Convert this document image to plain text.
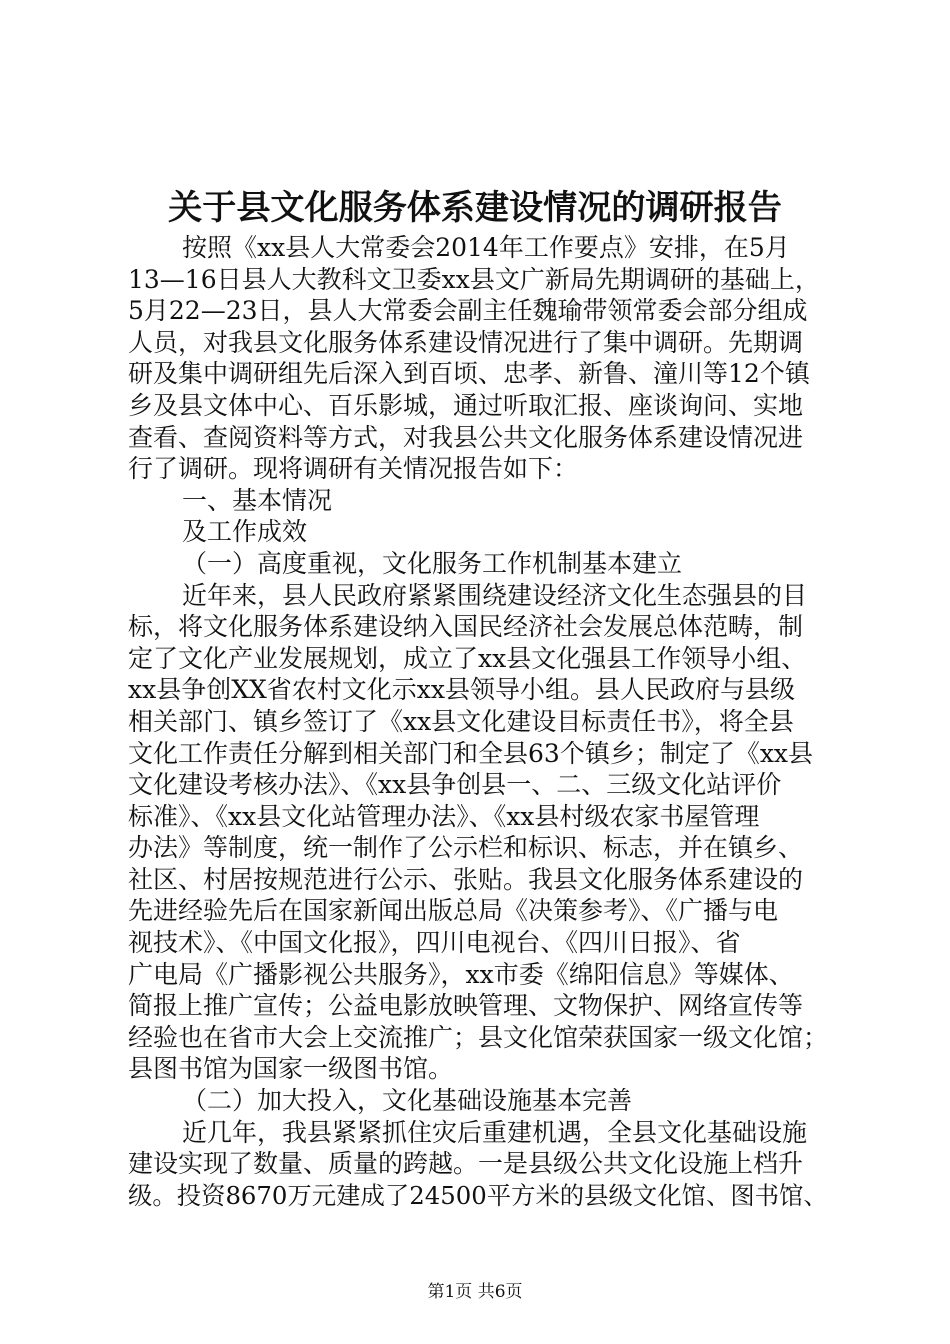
关于县文化服务体系建设情况的调研报告
按照《xx县人大常委会2014年工作要点》安排，在5月
13—16日县人大教科文卫委xx县文广新局先期调研的基础上，
5月22—23日，县人大常委会副主任魏瑜带领常委会部分组成
人员，对我县文化服务体系建设情况进行了集中调研。先期调
研及集中调研组先后深入到百顷、忠孝、新鲁、潼川等12个镇
乡及县文体中心、百乐影城，通过听取汇报、座谈询问、实地
查看、查阅资料等方式，对我县公共文化服务体系建设情况进
行了调研。现将调研有关情况报告如下：
一、基本情况
及工作成效
（一）高度重视，文化服务工作机制基本建立
近年来，县人民政府紧紧围绕建设经济文化生态强县的目
标，将文化服务体系建设纳入国民经济社会发展总体范畴，制
定了文化产业发展规划，成立了xx县文化强县工作领导小组、
xx县争创XX省农村文化示xx县领导小组。县人民政府与县级
相关部门、镇乡签订了《xx县文化建设目标责任书》，将全县
文化工作责任分解到相关部门和全县63个镇乡；制定了《xx县
文化建设考核办法》、《xx县争创县一、二、三级文化站评价
标准》、《xx县文化站管理办法》、《xx县村级农家书屋管理
办法》等制度，统一制作了公示栏和标识、标志，并在镇乡、
社区、村居按规范进行公示、张贴。我县文化服务体系建设的
先进经验先后在国家新闻出版总局《决策参考》、《广播与电
视技术》、《中国文化报》，四川电视台、《四川日报》、省
广电局《广播影视公共服务》，xx市委《绵阳信息》等媒体、
简报上推广宣传；公益电影放映管理、文物保护、网络宣传等
经验也在省市大会上交流推广；县文化馆荣获国家一级文化馆；
县图书馆为国家一级图书馆。
（二）加大投入，文化基础设施基本完善
近几年，我县紧紧抓住灾后重建机遇，全县文化基础设施
建设实现了数量、质量的跨越。一是县级公共文化设施上档升
级。投资8670万元建成了24500平方米的县级文化馆、图书馆、
第1页 共6页
